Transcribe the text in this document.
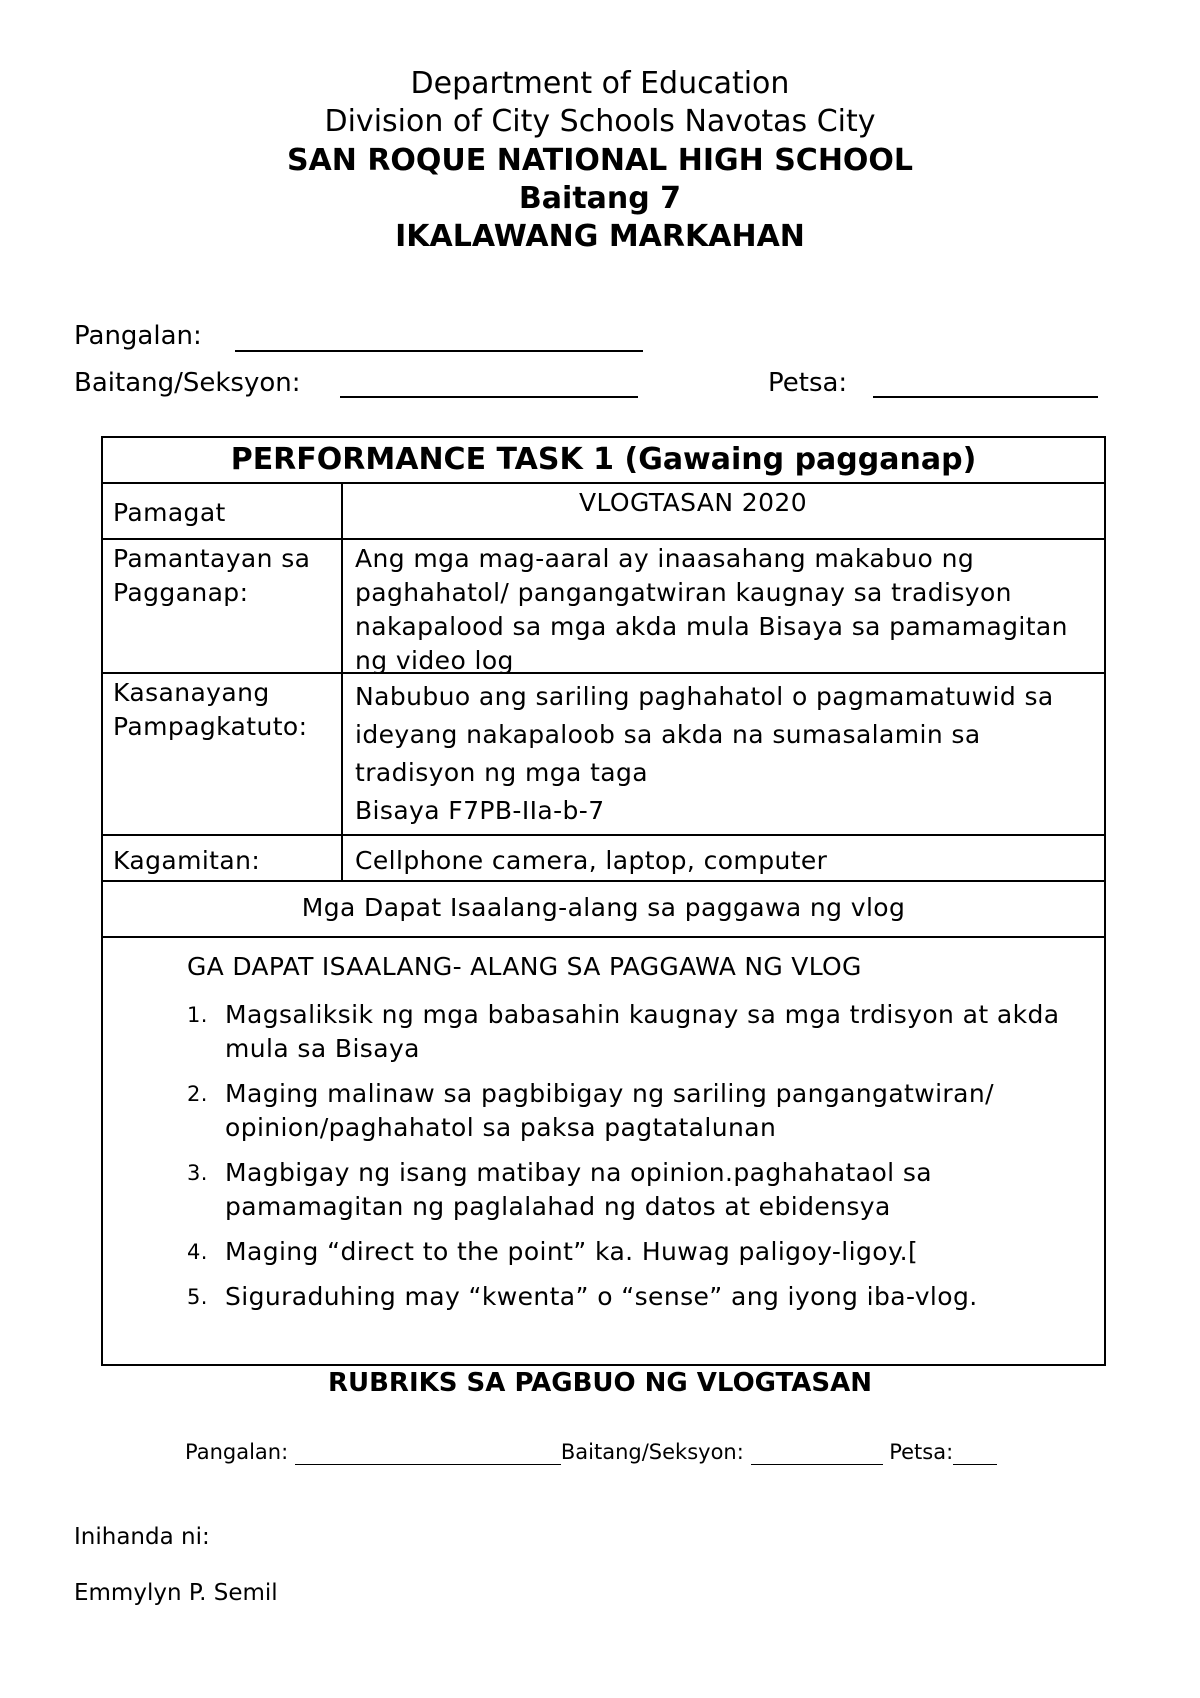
Department of Education
Division of City Schools Navotas City
SAN ROQUE NATIONAL HIGH SCHOOL
Baitang 7
IKALAWANG MARKAHAN
Pangalan:
Baitang/Seksyon:	Petsa:
PERFORMANCE TASK 1 (Gawaing pagganap)
Pamagat	VLOGTASAN 2020
Pamantayan sa
Pagganap:
Ang mga mag-aaral ay inaasahang makabuo ng paghahatol/ pangangatwiran kaugnay sa tradisyon nakapalood sa mga akda mula Bisaya sa pamamagitan ng video log
Kasanayang Pampagkatuto:
Nabubuo ang sariling paghahatol o pagmamatuwid sa ideyang nakapaloob sa akda na sumasalamin sa tradisyon ng mga taga
Bisaya F7PB-IIa-b-7
Kagamitan:	Cellphone camera, laptop, computer
Mga Dapat Isaalang-alang sa paggawa ng vlog
GA DAPAT ISAALANG- ALANG SA PAGGAWA NG VLOG
1. Magsaliksik ng mga babasahin kaugnay sa mga trdisyon at akda mula sa Bisaya
2. Maging malinaw sa pagbibigay ng sariling pangangatwiran/ opinion/paghahatol sa paksa pagtatalunan
3. Magbigay ng isang matibay na opinion.paghahataol sa pamamagitan ng paglalahad ng datos at ebidensya
4. Maging “direct to the point” ka. Huwag paligoy-ligoy.[
5. Siguraduhing may “kwenta” o “sense” ang iyong iba-vlog.
RUBRIKS SA PAGBUO NG VLOGTASAN
Pangalan:	Baitang/Seksyon:	Petsa:
Inihanda ni:
Emmylyn P. Semil
